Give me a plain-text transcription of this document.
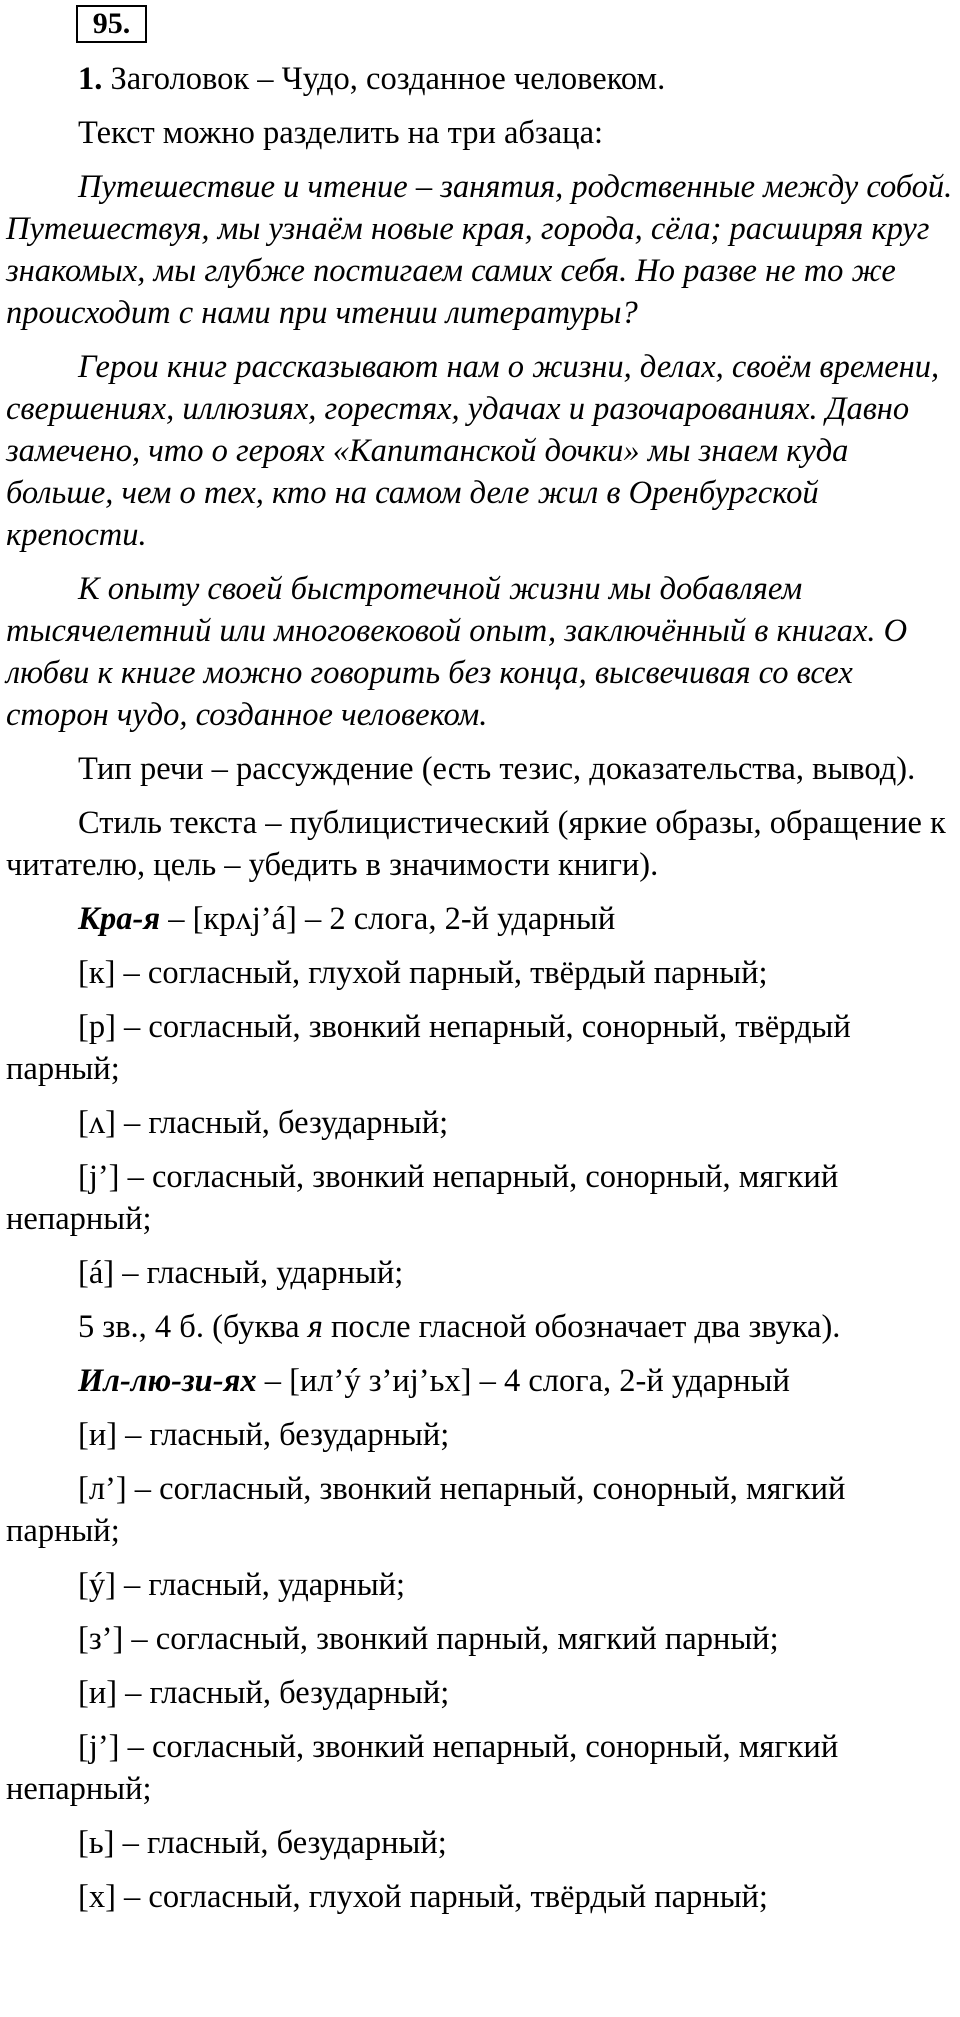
95.

1. Заголовок – Чудо, созданное человеком.

Текст можно разделить на три абзаца:

Путешествие и чтение – занятия, родственные между собой. Путешествуя, мы узнаём новые края, города, сёла; расширяя круг знакомых, мы глубже постигаем самих себя. Но разве не то же происходит с нами при чтении литературы?

Герои книг рассказывают нам о жизни, делах, своём времени, свершениях, иллюзиях, горестях, удачах и разочарованиях. Давно замечено, что о героях «Капитанской дочки» мы знаем куда больше, чем о тех, кто на самом деле жил в Оренбургской крепости.

К опыту своей быстротечной жизни мы добавляем тысячелетний или многовековой опыт, заключённый в книгах. О любви к книге можно говорить без конца, высвечивая со всех сторон чудо, созданное человеком.

Тип речи – рассуждение (есть тезис, доказательства, вывод).

Стиль текста – публицистический (яркие образы, обращение к читателю, цель – убедить в значимости книги).

Кра-я – [крʌj’á] – 2 слога, 2-й ударный

[к] – согласный, глухой парный, твёрдый парный;

[р] – согласный, звонкий непарный, сонорный, твёрдый парный;

[ʌ] – гласный, безударный;

[j’] – согласный, звонкий непарный, сонорный, мягкий непарный;

[á] – гласный, ударный;

5 зв., 4 б. (буква я после гласной обозначает два звука).

Ил-лю-зи-ях – [ил’ý з’иj’ьх] – 4 слога, 2-й ударный

[и] – гласный, безударный;

[л’] – согласный, звонкий непарный, сонорный, мягкий парный;

[ý] – гласный, ударный;

[з’] – согласный, звонкий парный, мягкий парный;

[и] – гласный, безударный;

[j’] – согласный, звонкий непарный, сонорный, мягкий непарный;

[ь] – гласный, безударный;

[х] – согласный, глухой парный, твёрдый парный;
